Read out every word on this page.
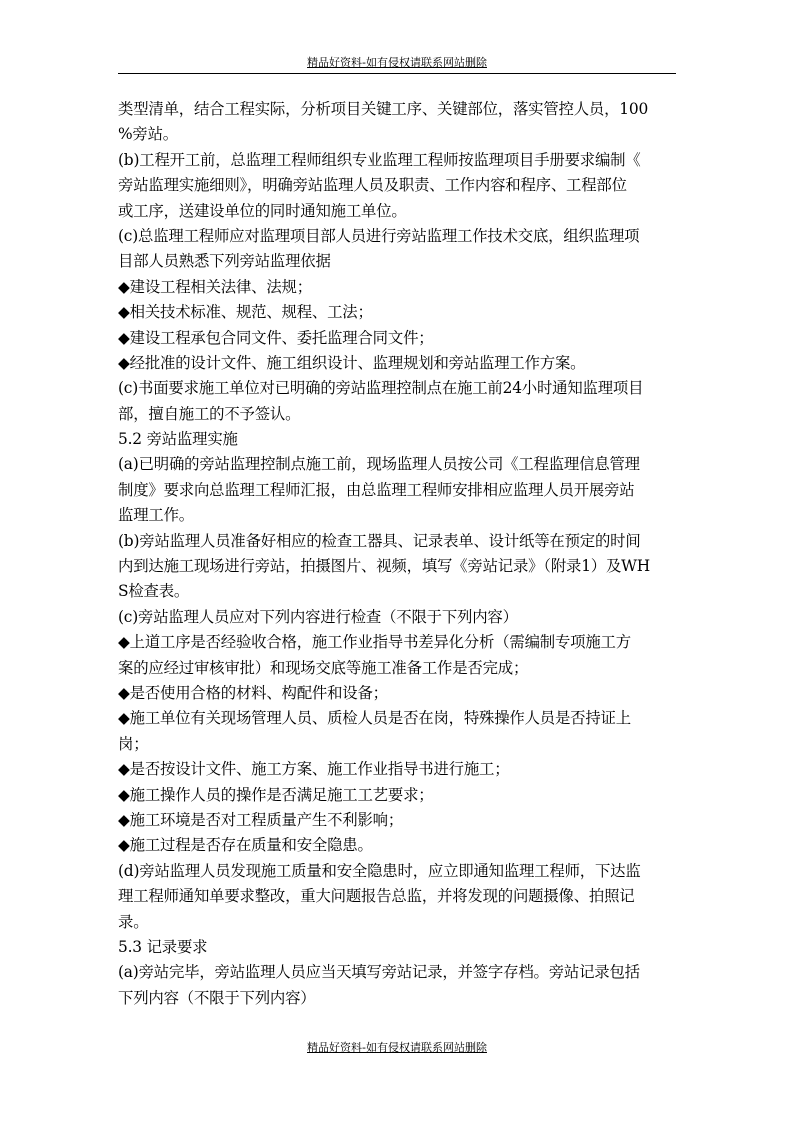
精品好资料-如有侵权请联系网站删除
类型清单，结合工程实际，分析项目关键工序、关键部位，落实管控人员，100
%旁站。
(b)工程开工前，总监理工程师组织专业监理工程师按监理项目手册要求编制《
旁站监理实施细则》，明确旁站监理人员及职责、工作内容和程序、工程部位
或工序，送建设单位的同时通知施工单位。
(c)总监理工程师应对监理项目部人员进行旁站监理工作技术交底，组织监理项
目部人员熟悉下列旁站监理依据
◆建设工程相关法律、法规；
◆相关技术标准、规范、规程、工法；
◆建设工程承包合同文件、委托监理合同文件；
◆经批准的设计文件、施工组织设计、监理规划和旁站监理工作方案。
(c)书面要求施工单位对已明确的旁站监理控制点在施工前24小时通知监理项目
部，擅自施工的不予签认。
5.2 旁站监理实施
(a)已明确的旁站监理控制点施工前，现场监理人员按公司《工程监理信息管理
制度》要求向总监理工程师汇报，由总监理工程师安排相应监理人员开展旁站
监理工作。
(b)旁站监理人员准备好相应的检查工器具、记录表单、设计纸等在预定的时间
内到达施工现场进行旁站，拍摄图片、视频，填写《旁站记录》（附录1）及WH
S检查表。
(c)旁站监理人员应对下列内容进行检查（不限于下列内容）
◆上道工序是否经验收合格，施工作业指导书差异化分析（需编制专项施工方
案的应经过审核审批）和现场交底等施工准备工作是否完成；
◆是否使用合格的材料、构配件和设备；
◆施工单位有关现场管理人员、质检人员是否在岗，特殊操作人员是否持证上
岗；
◆是否按设计文件、施工方案、施工作业指导书进行施工；
◆施工操作人员的操作是否满足施工工艺要求；
◆施工环境是否对工程质量产生不利影响；
◆施工过程是否存在质量和安全隐患。
(d)旁站监理人员发现施工质量和安全隐患时，应立即通知监理工程师，下达监
理工程师通知单要求整改，重大问题报告总监，并将发现的问题摄像、拍照记
录。
5.3 记录要求
(a)旁站完毕，旁站监理人员应当天填写旁站记录，并签字存档。旁站记录包括
下列内容（不限于下列内容）
精品好资料-如有侵权请联系网站删除
